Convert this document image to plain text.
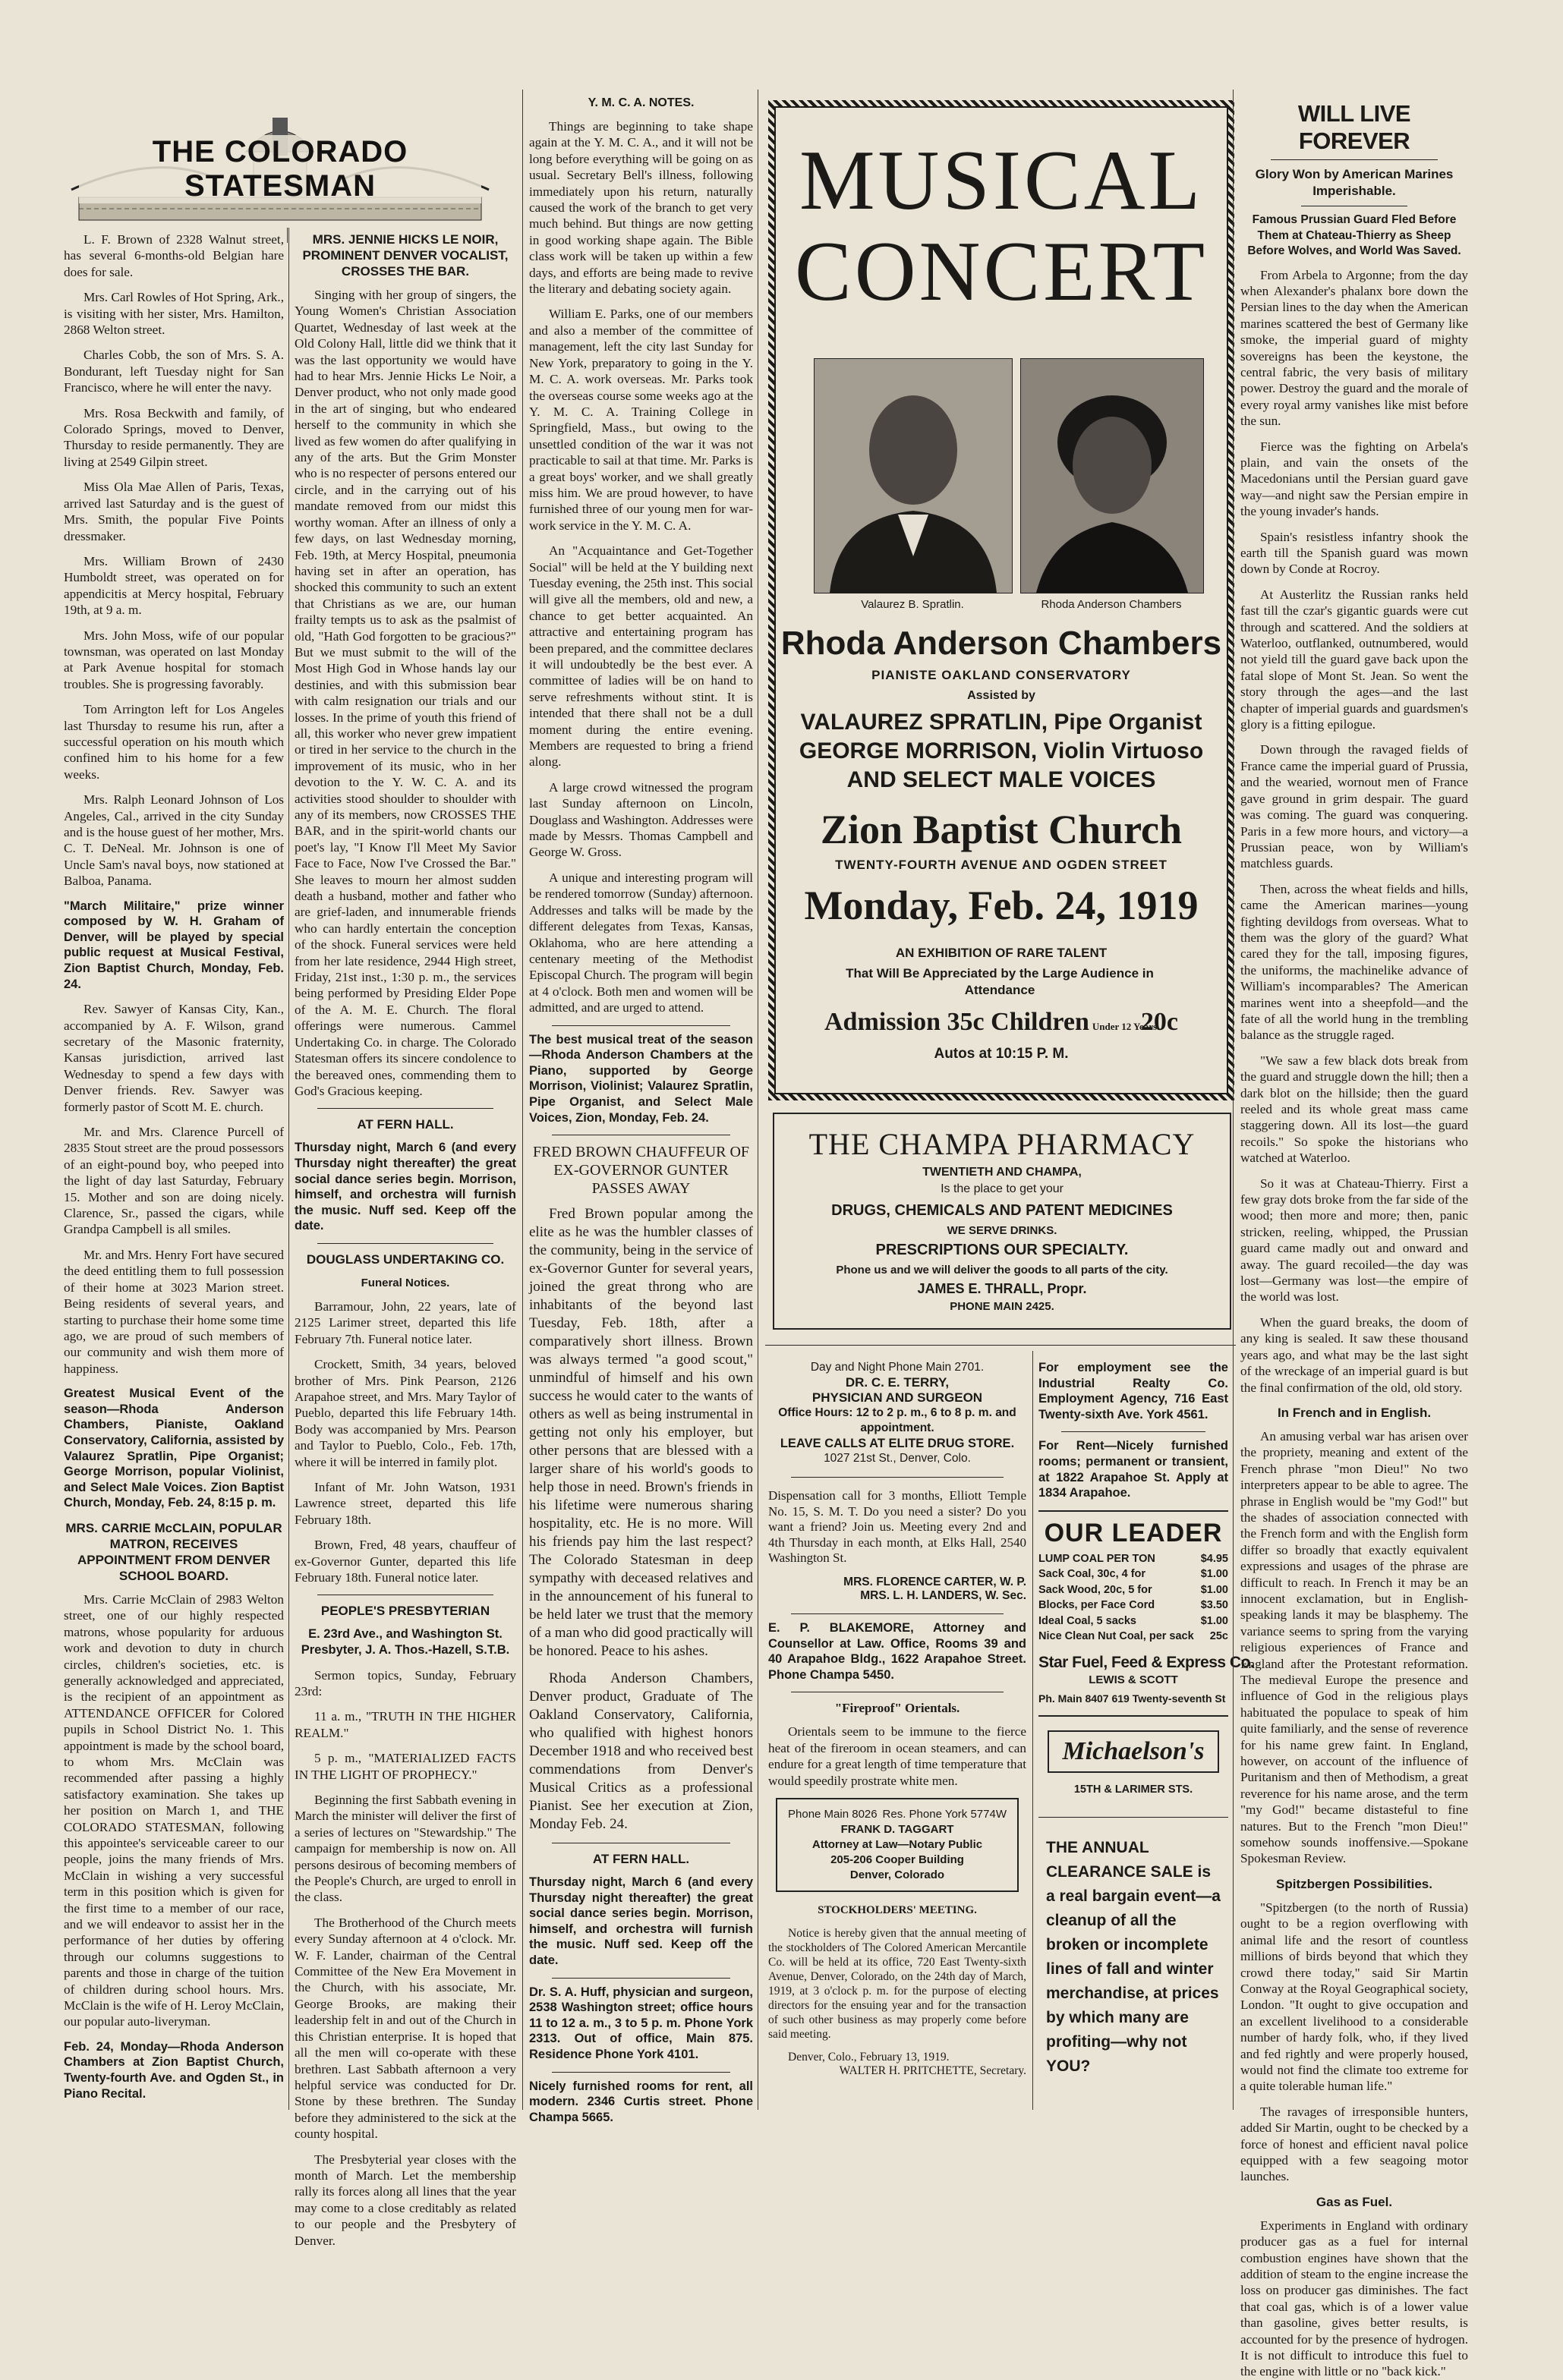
THE COLORADO STATESMAN

L. F. Brown of 2328 Walnut street, has several 6-months-old Belgian hare does for sale.

Mrs. Carl Rowles of Hot Spring, Ark., is visiting with her sister, Mrs. Hamilton, 2868 Welton street.

Charles Cobb, the son of Mrs. S. A. Bondurant, left Tuesday night for San Francisco, where he will enter the navy.

Mrs. Rosa Beckwith and family, of Colorado Springs, moved to Denver, Thursday to reside permanently. They are living at 2549 Gilpin street.

Miss Ola Mae Allen of Paris, Texas, arrived last Saturday and is the guest of Mrs. Smith, the popular Five Points dressmaker.

Mrs. William Brown of 2430 Humboldt street, was operated on for appendicitis at Mercy hospital, February 19th, at 9 a. m.

Mrs. John Moss, wife of our popular townsman, was operated on last Monday at Park Avenue hospital for stomach troubles. She is progressing favorably.

Tom Arrington left for Los Angeles last Thursday to resume his run, after a successful operation on his mouth which confined him to his home for a few weeks.

Mrs. Ralph Leonard Johnson of Los Angeles, Cal., arrived in the city Sunday and is the house guest of her mother, Mrs. C. T. DeNeal. Mr. Johnson is one of Uncle Sam's naval boys, now stationed at Balboa, Panama.

"March Militaire," prize winner composed by W. H. Graham of Denver, will be played by special public request at Musical Festival, Zion Baptist Church, Monday, Feb. 24.

Rev. Sawyer of Kansas City, Kan., accompanied by A. F. Wilson, grand secretary of the Masonic fraternity, Kansas jurisdiction, arrived last Wednesday to spend a few days with Denver friends. Rev. Sawyer was formerly pastor of Scott M. E. church.

Mr. and Mrs. Clarence Purcell of 2835 Stout street are the proud possessors of an eight-pound boy, who peeped into the light of day last Saturday, February 15. Mother and son are doing nicely. Clarence, Sr., passed the cigars, while Grandpa Campbell is all smiles.

Mr. and Mrs. Henry Fort have secured the deed entitling them to full possession of their home at 3023 Marion street. Being residents of several years, and starting to purchase their home some time ago, we are proud of such members of our community and wish them more of happiness.

Greatest Musical Event of the season—Rhoda Anderson Chambers, Pianiste, Oakland Conservatory, California, assisted by Valaurez Spratlin, Pipe Organist; George Morrison, popular Violinist, and Select Male Voices. Zion Baptist Church, Monday, Feb. 24, 8:15 p. m.

MRS. CARRIE McCLAIN, POPULAR MATRON, RECEIVES APPOINTMENT FROM DENVER SCHOOL BOARD.

Mrs. Carrie McClain of 2983 Welton street, one of our highly respected matrons, whose popularity for arduous work and devotion to duty in church circles, children's societies, etc. is generally acknowledged and appreciated, is the recipient of an appointment as ATTENDANCE OFFICER for Colored pupils in School District No. 1. This appointment is made by the school board, to whom Mrs. McClain was recommended after passing a highly satisfactory examination. She takes up her position on March 1, and THE COLORADO STATESMAN, following this appointee's serviceable career to our people, joins the many friends of Mrs. McClain in wishing a very successful term in this position which is given for the first time to a member of our race, and we will endeavor to assist her in the performance of her duties by offering through our columns suggestions to parents and those in charge of the tuition of children during school hours. Mrs. McClain is the wife of H. Leroy McClain, our popular auto-liveryman.

Feb. 24, Monday—Rhoda Anderson Chambers at Zion Baptist Church, Twenty-fourth Ave. and Ogden St., in Piano Recital.

MRS. JENNIE HICKS LE NOIR, PROMINENT DENVER VOCALIST, CROSSES THE BAR.

Singing with her group of singers, the Young Women's Christian Association Quartet, Wednesday of last week at the Old Colony Hall, little did we think that it was the last opportunity we would have had to hear Mrs. Jennie Hicks Le Noir, a Denver product, who not only made good in the art of singing, but who endeared herself to the community in which she lived as few women do after qualifying in any of the arts. But the Grim Monster who is no respecter of persons entered our circle, and in the carrying out of his mandate removed from our midst this worthy woman. After an illness of only a few days, on last Wednesday morning, Feb. 19th, at Mercy Hospital, pneumonia having set in after an operation, has shocked this community to such an extent that Christians as we are, our human frailty tempts us to ask as the psalmist of old, "Hath God forgotten to be gracious?" But we must submit to the will of the Most High God in Whose hands lay our destinies, and with this submission bear with calm resignation our trials and our losses. In the prime of youth this friend of all, this worker who never grew impatient or tired in her service to the church in the improvement of its music, who in her devotion to the Y. W. C. A. and its activities stood shoulder to shoulder with any of its members, now CROSSES THE BAR, and in the spirit-world chants our poet's lay, "I Know I'll Meet My Savior Face to Face, Now I've Crossed the Bar." She leaves to mourn her almost sudden death a husband, mother and father who are grief-laden, and innumerable friends who can hardly entertain the conception of the shock. Funeral services were held from her late residence, 2944 High street, Friday, 21st inst., 1:30 p. m., the services being performed by Presiding Elder Pope of the A. M. E. Church. The floral offerings were numerous. Cammel Undertaking Co. in charge. The Colorado Statesman offers its sincere condolence to the bereaved ones, commending them to God's Gracious keeping.

AT FERN HALL.

Thursday night, March 6 (and every Thursday night thereafter) the great social dance series begin. Morrison, himself, and orchestra will furnish the music. Nuff sed. Keep off the date.

DOUGLASS UNDERTAKING CO.
Funeral Notices.

Barramour, John, 22 years, late of 2125 Larimer street, departed this life February 7th. Funeral notice later.

Crockett, Smith, 34 years, beloved brother of Mrs. Pink Pearson, 2126 Arapahoe street, and Mrs. Mary Taylor of Pueblo, departed this life February 14th. Body was accompanied by Mrs. Pearson and Taylor to Pueblo, Colo., Feb. 17th, where it will be interred in family plot.

Infant of Mr. John Watson, 1931 Lawrence street, departed this life February 18th.

Brown, Fred, 48 years, chauffeur of ex-Governor Gunter, departed this life February 18th. Funeral notice later.

PEOPLE'S PRESBYTERIAN

E. 23rd Ave., and Washington St. Presbyter, J. A. Thos.-Hazell, S.T.B.

Sermon topics, Sunday, February 23rd:

11 a. m., "TRUTH IN THE HIGHER REALM."

5 p. m., "MATERIALIZED FACTS IN THE LIGHT OF PROPHECY."

Beginning the first Sabbath evening in March the minister will deliver the first of a series of lectures on "Stewardship." The campaign for membership is now on. All persons desirous of becoming members of the People's Church, are urged to enroll in the class.

The Brotherhood of the Church meets every Sunday afternoon at 4 o'clock. Mr. W. F. Lander, chairman of the Central Committee of the New Era Movement in the Church, with his associate, Mr. George Brooks, are making their leadership felt in and out of the Church in this Christian enterprise. It is hoped that all the men will co-operate with these brethren. Last Sabbath afternoon a very helpful service was conducted for Dr. Stone by these brethren. The Sunday before they administered to the sick at the county hospital.

The Presbyterial year closes with the month of March. Let the membership rally its forces along all lines that the year may come to a close creditably as related to our people and the Presbytery of Denver.

Y. M. C. A. NOTES.

Things are beginning to take shape again at the Y. M. C. A., and it will not be long before everything will be going on as usual. Secretary Bell's illness, following immediately upon his return, naturally caused the work of the branch to get very much behind. But things are now getting in good working shape again. The Bible class work will be taken up within a few days, and efforts are being made to revive the literary and debating society again.

William E. Parks, one of our members and also a member of the committee of management, left the city last Sunday for New York, preparatory to going in the Y. M. C. A. work overseas. Mr. Parks took the overseas course some weeks ago at the Y. M. C. A. Training College in Springfield, Mass., but owing to the unsettled condition of the war it was not practicable to sail at that time. Mr. Parks is a great boys' worker, and we shall greatly miss him. We are proud however, to have furnished three of our young men for war-work service in the Y. M. C. A.

An "Acquaintance and Get-Together Social" will be held at the Y building next Tuesday evening, the 25th inst. This social will give all the members, old and new, a chance to get better acquainted. An attractive and entertaining program has been prepared, and the committee declares it will undoubtedly be the best ever. A committee of ladies will be on hand to serve refreshments without stint. It is intended that there shall not be a dull moment during the entire evening. Members are requested to bring a friend along.

A large crowd witnessed the program last Sunday afternoon on Lincoln, Douglass and Washington. Addresses were made by Messrs. Thomas Campbell and George W. Gross.

A unique and interesting program will be rendered tomorrow (Sunday) afternoon. Addresses and talks will be made by the different delegates from Texas, Kansas, Oklahoma, who are here attending a centenary meeting of the Methodist Episcopal Church. The program will begin at 4 o'clock. Both men and women will be admitted, and are urged to attend.

The best musical treat of the season—Rhoda Anderson Chambers at the Piano, supported by George Morrison, Violinist; Valaurez Spratlin, Pipe Organist, and Select Male Voices, Zion, Monday, Feb. 24.

FRED BROWN CHAUFFEUR OF EX-GOVERNOR GUNTER PASSES AWAY

Fred Brown popular among the elite as he was the humbler classes of the community, being in the service of ex-Governor Gunter for several years, joined the great throng who are inhabitants of the beyond last Tuesday, Feb. 18th, after a comparatively short illness. Brown was always termed "a good scout," unmindful of himself and his own success he would cater to the wants of others as well as being instrumental in getting not only his employer, but other persons that are blessed with a larger share of his world's goods to help those in need. Brown's friends in his lifetime were numerous sharing hospitality, etc. He is no more. Will his friends pay him the last respect? The Colorado Statesman in deep sympathy with deceased relatives and in the announcement of his funeral to be held later we trust that the memory of a man who did good practically will be honored. Peace to his ashes.

Rhoda Anderson Chambers, Denver product, Graduate of The Oakland Conservatory, California, who qualified with highest honors December 1918 and who received best commendations from Denver's Musical Critics as a professional Pianist. See her execution at Zion, Monday Feb. 24.

AT FERN HALL.

Thursday night, March 6 (and every Thursday night thereafter) the great social dance series begin. Morrison, himself, and orchestra will furnish the music. Nuff sed. Keep off the date.

Dr. S. A. Huff, physician and surgeon, 2538 Washington street; office hours 11 to 12 a. m., 3 to 5 p. m. Phone York 2313. Out of office, Main 875. Residence Phone York 4101.

Nicely furnished rooms for rent, all modern. 2346 Curtis street. Phone Champa 5665.

MUSICAL
CONCERT
Valaurez B. Spratlin.	Rhoda Anderson Chambers
Rhoda Anderson Chambers
PIANISTE OAKLAND CONSERVATORY
Assisted by
VALAUREZ SPRATLIN, Pipe Organist
GEORGE MORRISON, Violin Virtuoso
AND SELECT MALE VOICES
Zion Baptist Church
TWENTY-FOURTH AVENUE AND OGDEN STREET
Monday, Feb. 24, 1919
AN EXHIBITION OF RARE TALENT
That Will Be Appreciated by the Large Audience in Attendance
Admission 35c Children Under 12 Years. 20c
Autos at 10:15 P. M.
THE CHAMPA PHARMACY
TWENTIETH AND CHAMPA,
Is the place to get your
DRUGS, CHEMICALS AND PATENT MEDICINES
WE SERVE DRINKS.
PRESCRIPTIONS OUR SPECIALTY.
Phone us and we will deliver the goods to all parts of the city.
JAMES E. THRALL, Propr.
PHONE MAIN 2425.
Day and Night Phone Main 2701.
DR. C. E. TERRY,
PHYSICIAN AND SURGEON
Office Hours: 12 to 2 p. m., 6 to 8 p. m. and appointment.
LEAVE CALLS AT ELITE DRUG STORE.
1027 21st St., Denver, Colo.

Dispensation call for 3 months, Elliott Temple No. 15, S. M. T. Do you need a sister? Do you want a friend? Join us. Meeting every 2nd and 4th Thursday in each month, at Elks Hall, 2540 Washington St.

MRS. FLORENCE CARTER, W. P.
MRS. L. H. LANDERS, W. Sec.

E. P. BLAKEMORE, Attorney and Counsellor at Law. Office, Rooms 39 and 40 Arapahoe Bldg., 1622 Arapahoe Street. Phone Champa 5450.

"Fireproof" Orientals.

Orientals seem to be immune to the fierce heat of the fireroom in ocean steamers, and can endure for a great length of time temperature that would speedily prostrate white men.

Phone Main 8026 Res. Phone York 5774W
FRANK D. TAGGART
Attorney at Law—Notary Public
205-206 Cooper Building
Denver, Colorado
STOCKHOLDERS' MEETING.

Notice is hereby given that the annual meeting of the stockholders of The Colored American Mercantile Co. will be held at its office, 720 East Twenty-sixth Avenue, Denver, Colorado, on the 24th day of March, 1919, at 3 o'clock p. m. for the purpose of electing directors for the ensuing year and for the transaction of such other business as may properly come before said meeting.

Denver, Colo., February 13, 1919.
WALTER H. PRITCHETTE, Secretary.

For employment see the Industrial Realty Co. Employment Agency, 716 East Twenty-sixth Ave. York 4561.

For Rent—Nicely furnished rooms; permanent or transient, at 1822 Arapahoe St. Apply at 1834 Arapahoe.

OUR LEADER
LUMP COAL PER TON	$4.95
Sack Coal, 30c, 4 for	$1.00
Sack Wood, 20c, 5 for	$1.00
Blocks, per Face Cord	$3.50
Ideal Coal, 5 sacks	$1.00
Nice Clean Nut Coal, per sack 25c
Star Fuel, Feed & Express Co.
LEWIS & SCOTT
Ph. Main 8407 619 Twenty-seventh St
Michaelson's
15TH & LARIMER STS.

THE ANNUAL CLEARANCE SALE is a real bargain event—a cleanup of all the broken or incomplete lines of fall and winter merchandise, at prices by which many are profiting—why not YOU?

WILL LIVE FOREVER
Glory Won by American Marines Imperishable.
Famous Prussian Guard Fled Before Them at Chateau-Thierry as Sheep Before Wolves, and World Was Saved.

From Arbela to Argonne; from the day when Alexander's phalanx bore down the Persian lines to the day when the American marines scattered the best of Germany like smoke, the imperial guard of mighty sovereigns has been the keystone, the central fabric, the very basis of military power. Destroy the guard and the morale of every royal army vanishes like mist before the sun.

Fierce was the fighting on Arbela's plain, and vain the onsets of the Macedonians until the Persian guard gave way—and night saw the Persian empire in the young invader's hands.

Spain's resistless infantry shook the earth till the Spanish guard was mown down by Conde at Rocroy.

At Austerlitz the Russian ranks held fast till the czar's gigantic guards were cut through and scattered. And the soldiers at Waterloo, outflanked, outnumbered, would not yield till the guard gave back upon the fatal slope of Mont St. Jean. So went the story through the ages—and the last chapter of imperial guards and guardsmen's glory is a fitting epilogue.

Down through the ravaged fields of France came the imperial guard of Prussia, and the wearied, wornout men of France gave ground in grim despair. The guard was coming. The guard was conquering. Paris in a few more hours, and victory—a Prussian peace, won by William's matchless guards.

Then, across the wheat fields and hills, came the American marines—young fighting devildogs from overseas. What to them was the glory of the guard? What cared they for the tall, imposing figures, the uniforms, the machinelike advance of William's incomparables? The American marines went into a sheepfold—and the fate of all the world hung in the trembling balance as the struggle raged.

"We saw a few black dots break from the guard and struggle down the hill; then a dark blot on the hillside; then the guard reeled and its whole great mass came staggering down. All its lost—the guard recoils." So spoke the historians who watched at Waterloo.

So it was at Chateau-Thierry. First a few gray dots broke from the far side of the wood; then more and more; then, panic stricken, reeling, whipped, the Prussian guard came madly out and onward and away. The guard recoiled—the day was lost—Germany was lost—the empire of the world was lost.

When the guard breaks, the doom of any king is sealed. It saw these thousand years ago, and what may be the last sight of the wreckage of an imperial guard is but the final confirmation of the old, old story.

In French and in English.

An amusing verbal war has arisen over the propriety, meaning and extent of the French phrase "mon Dieu!" No two interpreters appear to be able to agree. The phrase in English would be "my God!" but the shades of association connected with the French form and with the English form differ so broadly that exactly equivalent expressions and usages of the phrase are difficult to reach. In French it may be an innocent exclamation, but in English-speaking lands it may be blasphemy. The variance seems to spring from the varying religious experiences of France and England after the Protestant reformation. The medieval Europe the presence and influence of God in the religious plays habituated the populace to speak of him quite familiarly, and the sense of reverence for his name grew faint. In England, however, on account of the influence of Puritanism and then of Methodism, a great reverence for his name arose, and the term "my God!" became distasteful to fine natures. But to the French "mon Dieu!" somehow sounds inoffensive.—Spokane Spokesman Review.

Spitzbergen Possibilities.

"Spitzbergen (to the north of Russia) ought to be a region overflowing with animal life and the resort of countless millions of birds beyond that which they crowd there today," said Sir Martin Conway at the Royal Geographical society, London. "It ought to give occupation and an excellent livelihood to a considerable number of hardy folk, who, if they lived and fed rightly and were properly housed, would not find the climate too extreme for a quite tolerable human life."

The ravages of irresponsible hunters, added Sir Martin, ought to be checked by a force of honest and efficient naval police equipped with a few seagoing motor launches.

Gas as Fuel.

Experiments in England with ordinary producer gas as a fuel for internal combustion engines have shown that the addition of steam to the engine increase the loss on producer gas diminishes. The fact that coal gas, which is of a lower value than gasoline, gives better results, is accounted for by the presence of hydrogen. It is not difficult to introduce this fuel to the engine with little or no "back kick."
